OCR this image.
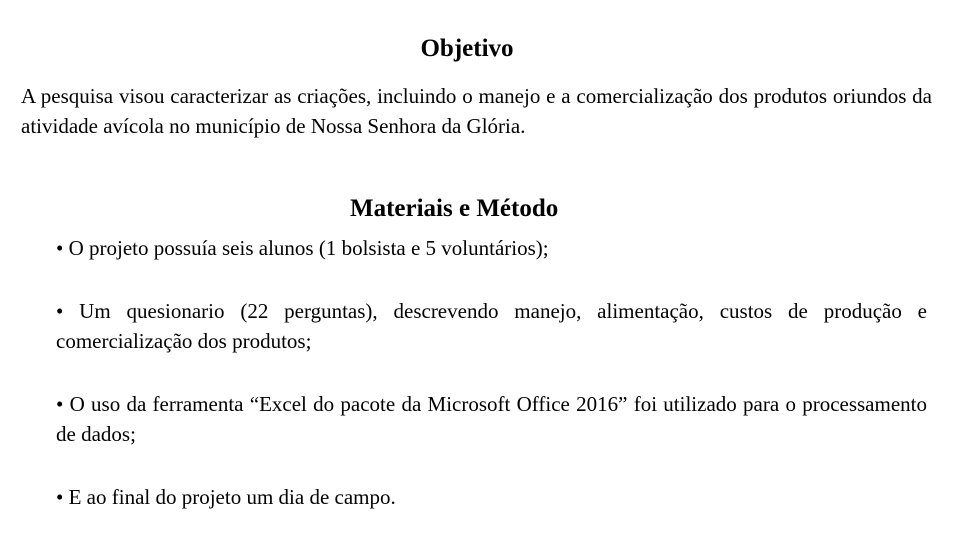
Objetivo
A pesquisa visou caracterizar as criações, incluindo o manejo e a comercialização dos produtos oriundos da atividade avícola no município de Nossa Senhora da Glória.
Materiais e Método
• O projeto possuía seis alunos (1 bolsista e 5 voluntários);
• Um quesionario (22 perguntas), descrevendo manejo, alimentação, custos de produção e comercialização dos produtos;
• O uso da ferramenta “Excel do pacote da Microsoft Office 2016” foi utilizado para o processamento de dados;
• E ao final do projeto um dia de campo.
